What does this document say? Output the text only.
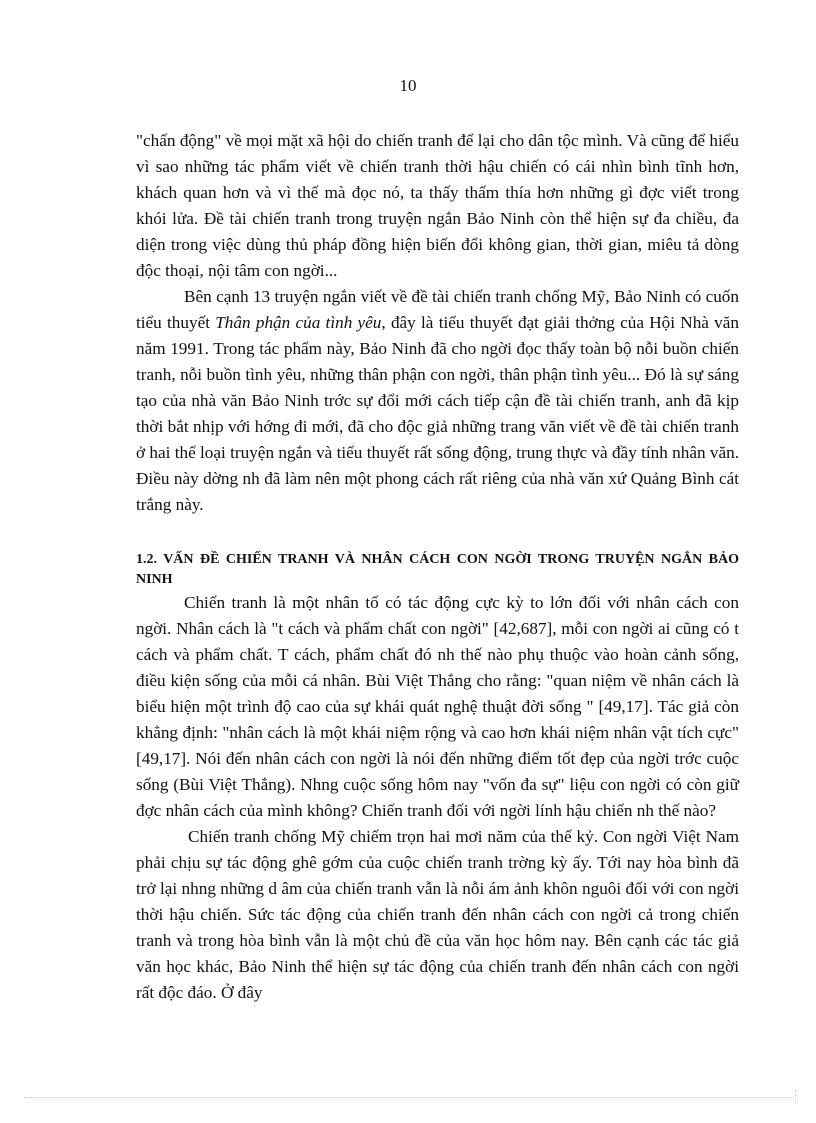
10

"chấn động" về mọi mặt xã hội do chiến tranh để lại cho dân tộc mình. Và cũng để hiểu vì sao những tác phẩm viết về chiến tranh thời hậu chiến có cái nhìn bình tĩnh hơn, khách quan hơn và vì thế mà đọc nó, ta thấy thấm thía hơn những gì đợc viết trong khói lửa. Đề tài chiến tranh trong truyện ngắn Bảo Ninh còn thể hiện sự đa chiều, đa diện trong việc dùng thủ pháp đồng hiện biến đổi không gian, thời gian, miêu tả dòng độc thoại, nội tâm con ngời...

Bên cạnh 13 truyện ngắn viết về đề tài chiến tranh chống Mỹ, Bảo Ninh có cuốn tiểu thuyết Thân phận của tình yêu, đây là tiểu thuyết đạt giải thởng của Hội Nhà văn năm 1991. Trong tác phẩm này, Bảo Ninh đã cho ngời đọc thấy toàn bộ nỗi buồn chiến tranh, nỗi buồn tình yêu, những thân phận con ngời, thân phận tình yêu... Đó là sự sáng tạo của nhà văn Bảo Ninh trớc sự đổi mới cách tiếp cận đề tài chiến tranh, anh đã kịp thời bắt nhịp với hớng đi mới, đã cho độc giả những trang văn viết về đề tài chiến tranh ở hai thể loại truyện ngắn và tiểu thuyết rất sống động, trung thực và đầy tính nhân văn. Điều này dờng nh đã làm nên một phong cách rất riêng của nhà văn xứ Quảng Bình cát trắng này.

1.2. VẤN ĐỀ CHIẾN TRANH VÀ NHÂN CÁCH CON NGỜI TRONG TRUYỆN NGẮN BẢO NINH

Chiến tranh là một nhân tố có tác động cực kỳ to lớn đối với nhân cách con ngời. Nhân cách là "t cách và phẩm chất con ngời" [42,687], mỗi con ngời ai cũng có t cách và phẩm chất. T cách, phẩm chất đó nh thế nào phụ thuộc vào hoàn cảnh sống, điều kiện sống của mỗi cá nhân. Bùi Việt Thắng cho rằng: "quan niệm về nhân cách là biểu hiện một trình độ cao của sự khái quát nghệ thuật đời sống " [49,17]. Tác giả còn khẳng định: "nhân cách là một khái niệm rộng và cao hơn khái niệm nhân vật tích cực" [49,17]. Nói đến nhân cách con ngời là nói đến những điểm tốt đẹp của ngời trớc cuộc sống (Bùi Việt Thắng). Nhng cuộc sống hôm nay "vốn đa sự" liệu con ngời có còn giữ đợc nhân cách của mình không? Chiến tranh đối với ngời lính hậu chiến nh thế nào?

Chiến tranh chống Mỹ chiếm trọn hai mơi năm của thế kỷ. Con ngời Việt Nam phải chịu sự tác động ghê gớm của cuộc chiến tranh trờng kỳ ấy. Tới nay hòa bình đã trở lại nhng những d âm của chiến tranh vẫn là nỗi ám ảnh khôn nguôi đối với con ngời thời hậu chiến. Sức tác động của chiến tranh đến nhân cách con ngời cả trong chiến tranh và trong hòa bình vẫn là một chủ đề của văn học hôm nay. Bên cạnh các tác giả văn học khác, Bảo Ninh thể hiện sự tác động của chiến tranh đến nhân cách con ngời rất độc đáo. Ở đây
